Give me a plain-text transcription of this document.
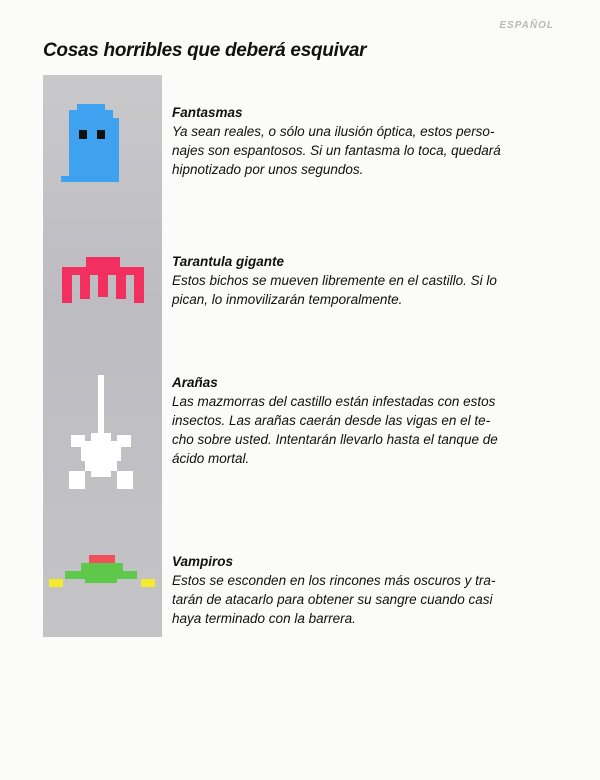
ESPAÑOL
Cosas horribles que deberá esquivar
Fantasmas

Ya sean reales, o sólo una ilusión óptica, estos perso-

najes son espantosos. Si un fantasma lo toca, quedará

hipnotizado por unos segundos.

Tarantula gigante

Estos bichos se mueven libremente en el castillo. Si lo

pican, lo inmovilizarán temporalmente.

Arañas

Las mazmorras del castillo están infestadas con estos

insectos. Las arañas caerán desde las vigas en el te-

cho sobre usted. Intentarán llevarlo hasta el tanque de

ácido mortal.

Vampiros

Estos se esconden en los rincones más oscuros y tra-

tarán de atacarlo para obtener su sangre cuando casi

haya terminado con la barrera.
